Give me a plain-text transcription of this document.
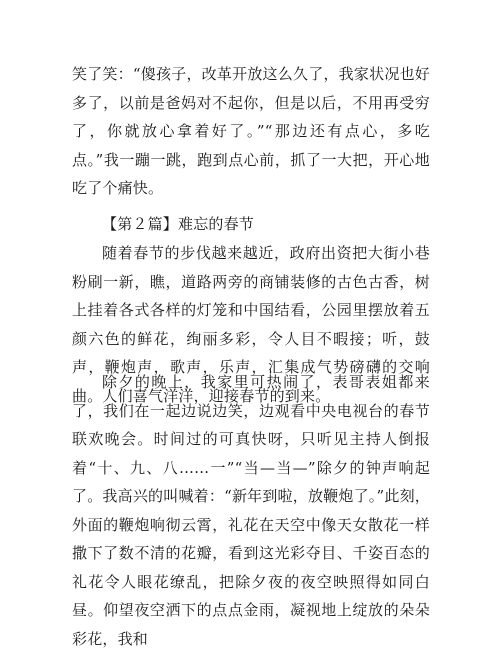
笑了笑：“傻孩子，改革开放这么久了，我家状况也好多了，以前是爸妈对不起你，但是以后，不用再受穷了，你就放心拿着好了。”“那边还有点心，多吃点。”我一蹦一跳，跑到点心前，抓了一大把，开心地吃了个痛快。

【第２篇】难忘的春节

随着春节的步伐越来越近，政府出资把大街小巷粉刷一新，瞧，道路两旁的商铺装修的古色古香，树上挂着各式各样的灯笼和中国结看，公园里摆放着五颜六色的鲜花，绚丽多彩，令人目不暇接；听，鼓声，鞭炮声，歌声，乐声，汇集成气势磅礴的交响曲。人们喜气洋洋，迎接春节的到来。

除夕的晚上，我家里可热闹了，表哥表姐都来了，我们在一起边说边笑，边观看中央电视台的春节联欢晚会。时间过的可真快呀，只听见主持人倒报着“十、九、八……一”“当—当—”除夕的钟声响起了。我高兴的叫喊着：“新年到啦，放鞭炮了。”此刻，外面的鞭炮响彻云霄，礼花在天空中像天女散花一样撒下了数不清的花瓣，看到这光彩夺目、千姿百态的礼花令人眼花缭乱，把除夕夜的夜空映照得如同白昼。仰望夜空洒下的点点金雨，凝视地上绽放的朵朵彩花，我和
